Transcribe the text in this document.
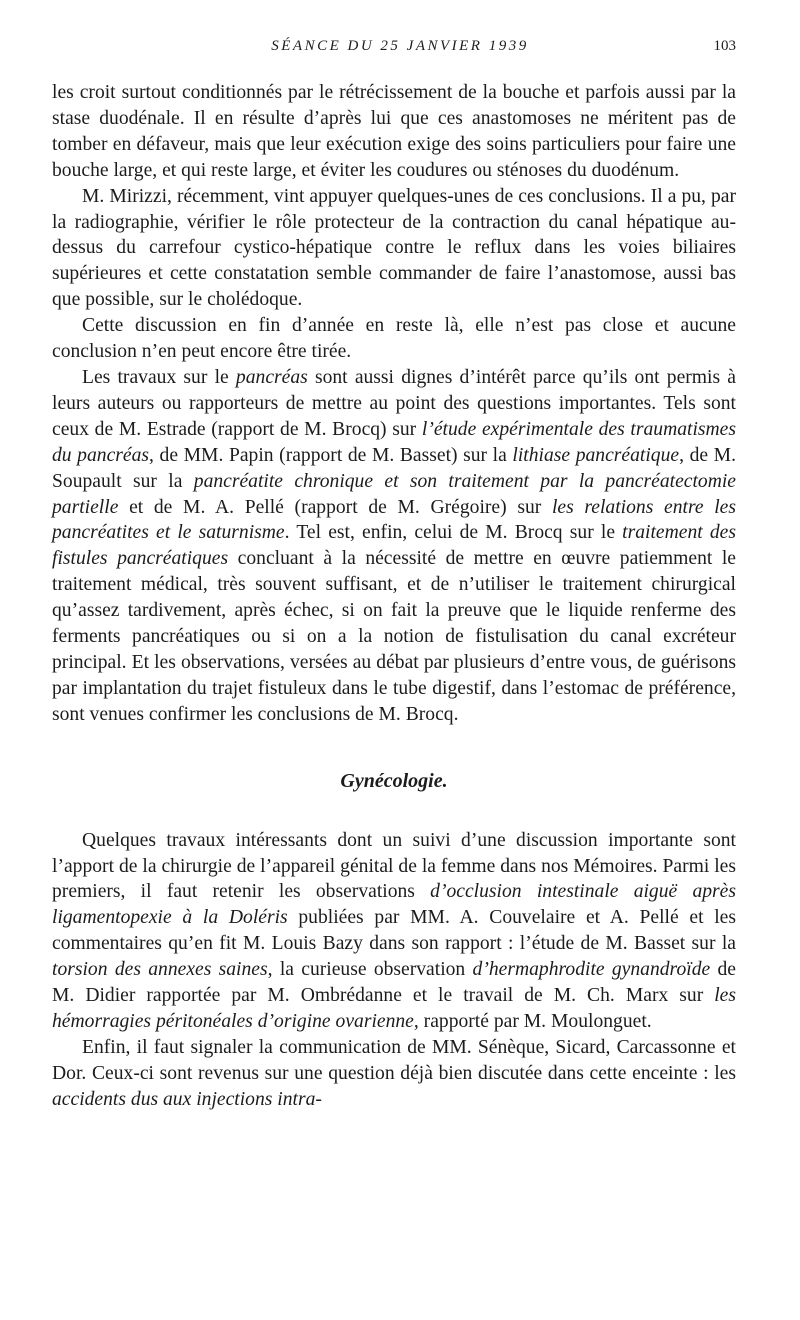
SÉANCE DU 25 JANVIER 1939	103

les croit surtout conditionnés par le rétrécissement de la bouche et parfois aussi par la stase duodénale. Il en résulte d’après lui que ces anastomoses ne méritent pas de tomber en défaveur, mais que leur exécution exige des soins particuliers pour faire une bouche large, et qui reste large, et éviter les coudures ou sténoses du duodénum.

M. Mirizzi, récemment, vint appuyer quelques-unes de ces conclusions. Il a pu, par la radiographie, vérifier le rôle protecteur de la contraction du canal hépatique au-dessus du carrefour cystico-hépatique contre le reflux dans les voies biliaires supérieures et cette constatation semble commander de faire l’anastomose, aussi bas que possible, sur le cholédoque.

Cette discussion en fin d’année en reste là, elle n’est pas close et aucune conclusion n’en peut encore être tirée.

Les travaux sur le pancréas sont aussi dignes d’intérêt parce qu’ils ont permis à leurs auteurs ou rapporteurs de mettre au point des questions importantes. Tels sont ceux de M. Estrade (rapport de M. Brocq) sur l’étude expérimentale des traumatismes du pancréas, de MM. Papin (rapport de M. Basset) sur la lithiase pancréatique, de M. Soupault sur la pancréatite chronique et son traitement par la pancréatectomie partielle et de M. A. Pellé (rapport de M. Grégoire) sur les relations entre les pancréatites et le saturnisme. Tel est, enfin, celui de M. Brocq sur le traitement des fistules pancréatiques concluant à la nécessité de mettre en œuvre patiemment le traitement médical, très souvent suffisant, et de n’utiliser le traitement chirurgical qu’assez tardivement, après échec, si on fait la preuve que le liquide renferme des ferments pancréatiques ou si on a la notion de fistulisation du canal excréteur principal. Et les observations, versées au débat par plusieurs d’entre vous, de guérisons par implantation du trajet fistuleux dans le tube digestif, dans l’estomac de préférence, sont venues confirmer les conclusions de M. Brocq.

Gynécologie.

Quelques travaux intéressants dont un suivi d’une discussion importante sont l’apport de la chirurgie de l’appareil génital de la femme dans nos Mémoires. Parmi les premiers, il faut retenir les observations d’occlusion intestinale aiguë après ligamentopexie à la Doléris publiées par MM. A. Couvelaire et A. Pellé et les commentaires qu’en fit M. Louis Bazy dans son rapport : l’étude de M. Basset sur la torsion des annexes saines, la curieuse observation d’hermaphrodite gynandroïde de M. Didier rapportée par M. Ombrédanne et le travail de M. Ch. Marx sur les hémorragies péritonéales d’origine ovarienne, rapporté par M. Moulonguet.

Enfin, il faut signaler la communication de MM. Sénèque, Sicard, Carcassonne et Dor. Ceux-ci sont revenus sur une question déjà bien discutée dans cette enceinte : les accidents dus aux injections intra-
